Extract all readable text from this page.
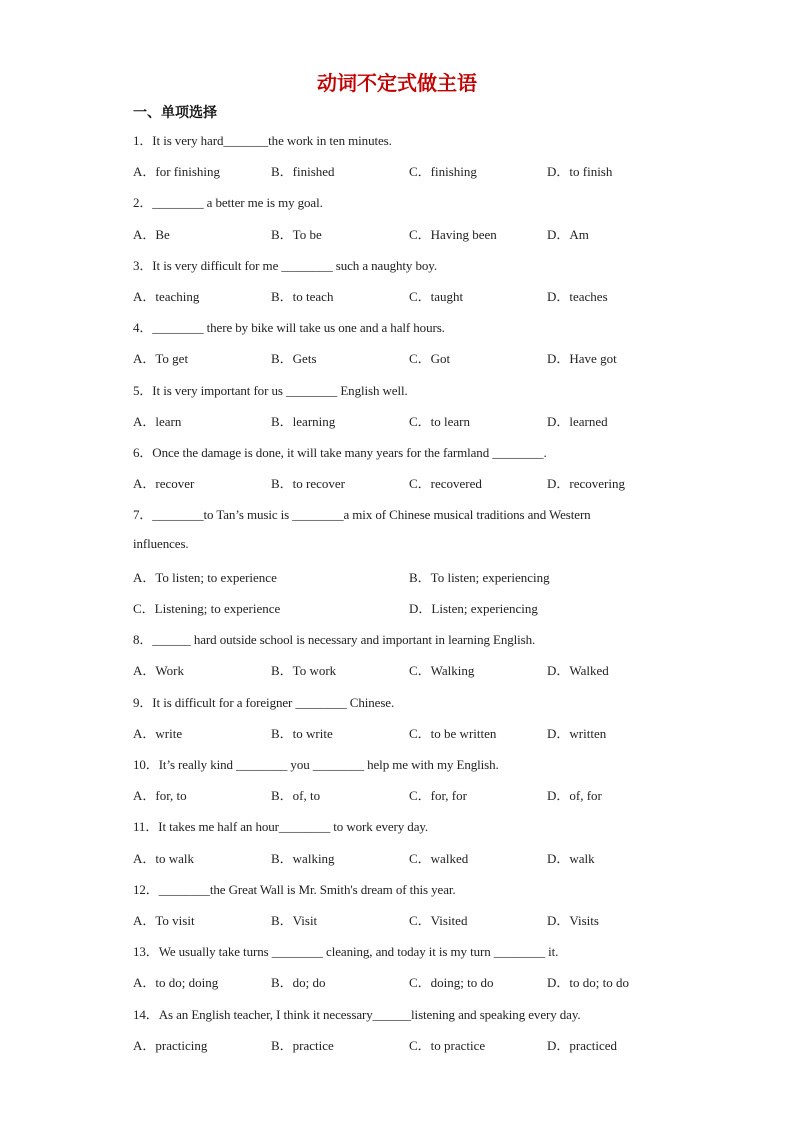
动词不定式做主语
一、单项选择
1．It is very hard_______the work in ten minutes.
A．for finishing	B．finished	C．finishing	D．to finish
2．________ a better me is my goal.
A．Be	B．To be	C．Having been	D．Am
3．It is very difficult for me ________ such a naughty boy.
A．teaching	B．to teach	C．taught	D．teaches
4．________ there by bike will take us one and a half hours.
A．To get	B．Gets	C．Got	D．Have got
5．It is very important for us ________ English well.
A．learn	B．learning	C．to learn	D．learned
6．Once the damage is done, it will take many years for the farmland ________.
A．recover	B．to recover	C．recovered	D．recovering
7．________to Tan’s music is ________a mix of Chinese musical traditions and Western
influences.
A．To listen; to experience	B．To listen; experiencing
C．Listening; to experience	D．Listen; experiencing
8．______ hard outside school is necessary and important in learning English.
A．Work	B．To work	C．Walking	D．Walked
9．It is difficult for a foreigner ________ Chinese.
A．write	B．to write	C．to be written	D．written
10．It’s really kind ________ you ________ help me with my English.
A．for, to	B．of, to	C．for, for	D．of, for
11．It takes me half an hour________ to work every day.
A．to walk	B．walking	C．walked	D．walk
12．________the Great Wall is Mr. Smith's dream of this year.
A．To visit	B．Visit	C．Visited	D．Visits
13．We usually take turns ________ cleaning, and today it is my turn ________ it.
A．to do; doing	B．do; do	C．doing; to do	D．to do; to do
14．As an English teacher, I think it necessary______listening and speaking every day.
A．practicing	B．practice	C．to practice	D．practiced
